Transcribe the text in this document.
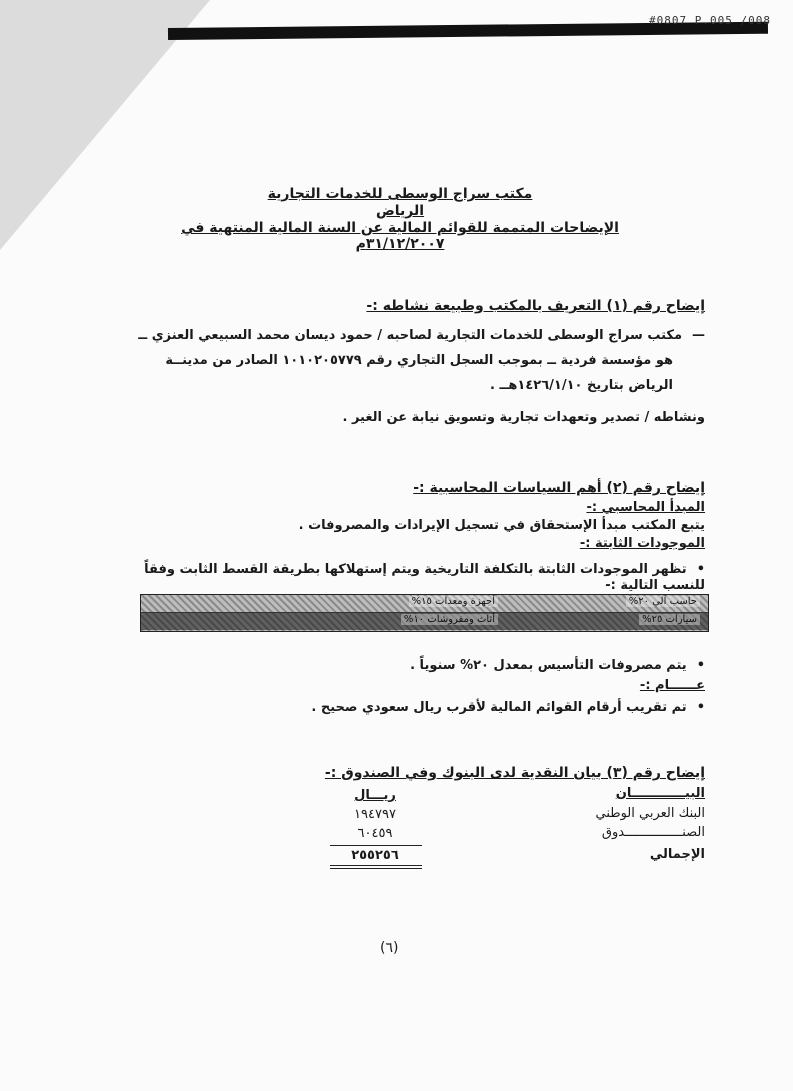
#0807 P.005 /008
مكتب سراج الوسطى للخدمات التجارية
الرياض
الإيضاحات المتممة للقوائم المالية عن السنة المالية المنتهية في ٣١/١٢/٢٠٠٧م
إيضاح رقم (١) التعريف بالمكتب وطبيعة نشاطه :-
— مكتب سراج الوسطى للخدمات التجارية لصاحبه / حمود ديسان محمد السبيعي العنزي ــ
هو مؤسسة فردية ــ بموجب السجل التجاري رقم ١٠١٠٢٠٥٧٧٩ الصادر من مدينــة
الرياض بتاريخ ١٤٢٦/١/١٠هــ .
ونشاطه / تصدير وتعهدات تجارية وتسويق نيابة عن الغير .
إيضاح رقم (٢) أهم السياسات المحاسبية :-
المبدأ المحاسبي :-
يتبع المكتب مبدأ الإستحقاق في تسجيل الإيرادات والمصروفات .
الموجودات الثابتة :-
• تظهر الموجودات الثابتة بالتكلفة التاريخية ويتم إستهلاكها بطريقة القسط الثابت وفقاً
للنسب التالية :-
حاسب آلي ٢٠%
أجهزة ومعدات ١٥%
سيارات ٢٥%
أثاث ومفروشات ١٠%
• يتم مصروفات التأسيس بمعدل ٢٠% سنوياً .
عــــــام :-
• تم تقريب أرقام القوائم المالية لأقرب ريال سعودي صحيح .
إيضاح رقم (٣) بيان النقدية لدى البنوك وفي الصندوق :-
البيــــــــــــان
البنك العربي الوطني
الصنـــــــــــــــدوق
الإجمالي
ريـــال
١٩٤٧٩٧
٦٠٤٥٩
٢٥٥٢٥٦
(٦)
